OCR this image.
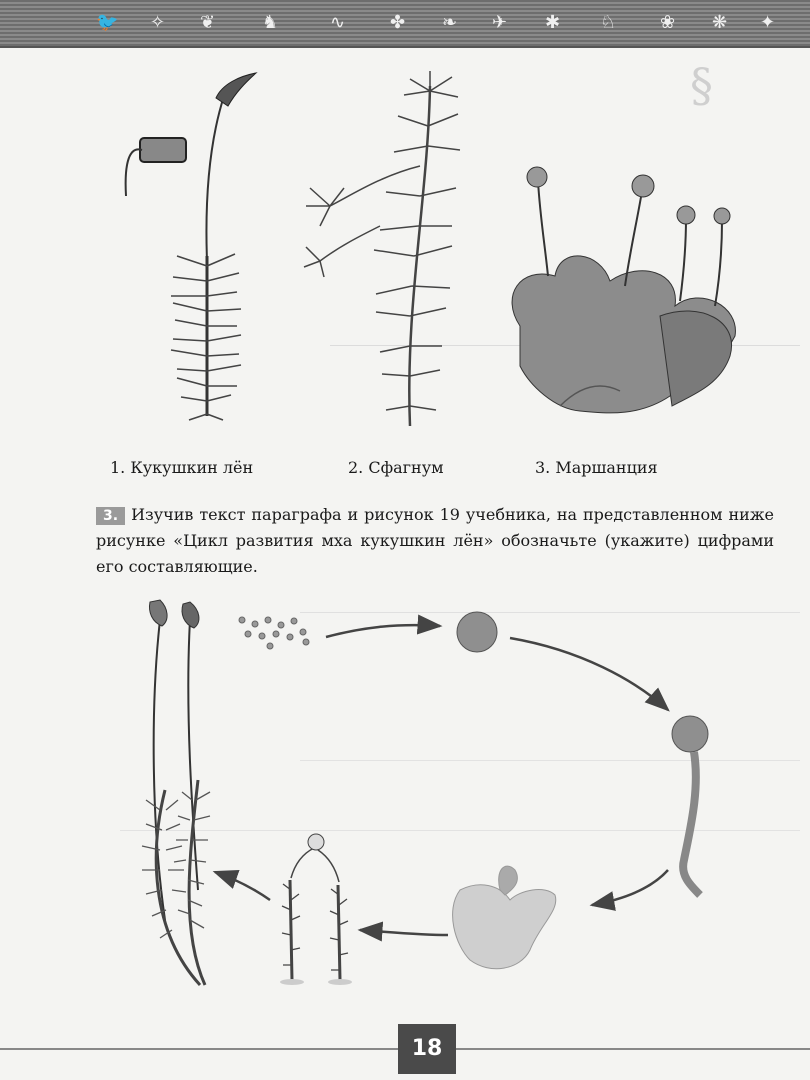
🐦 ✧ ❦	♞	∿ ✤ ❧ ✈ ✱ ♘ ❀ ❋ ✦
§
1. Кукушкин лён	2. Сфагнум	3. Маршанция
3. Изучив текст параграфа и рисунок 19 учебника, на представленном ниже рисунке «Цикл развития мха кукушкин лён» обозначьте (укажите) цифрами его составляющие.
18
